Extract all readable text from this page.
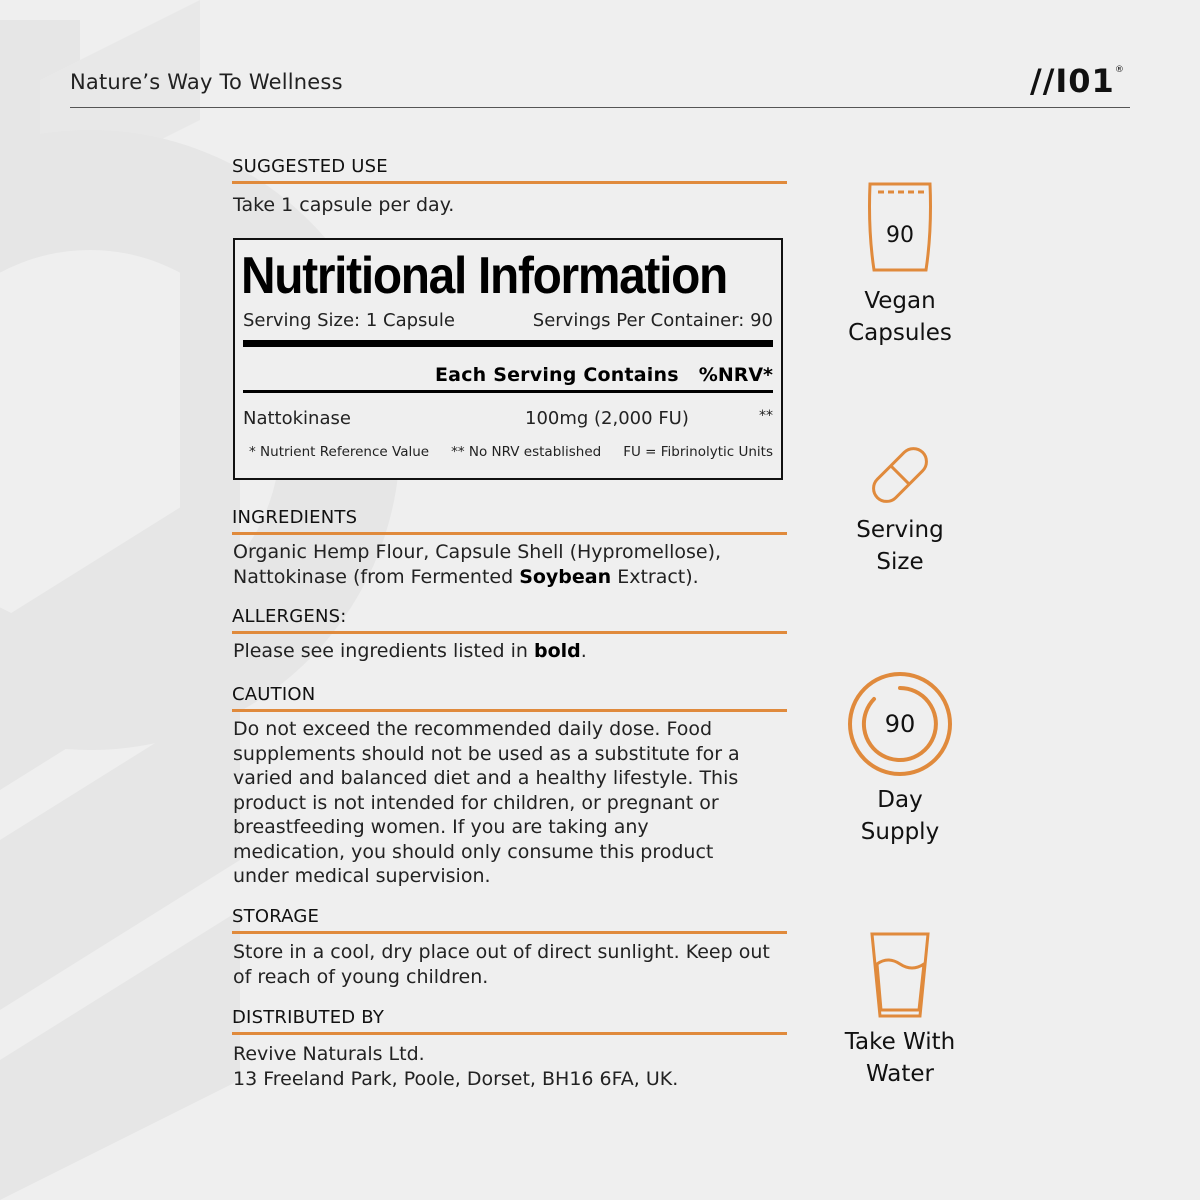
Nature’s Way To Wellness	//I01®
SUGGESTED USE
Take 1 capsule per day.
Nutritional Information
Serving Size: 1 Capsule	Servings Per Container: 90
Each Serving Contains %NRV*
Nattokinase	100mg (2,000 FU)	**
* Nutrient Reference Value ** No NRV established FU = Fibrinolytic Units
INGREDIENTS
Organic Hemp Flour, Capsule Shell (Hypromellose),
Nattokinase (from Fermented Soybean Extract).
ALLERGENS:
Please see ingredients listed in bold.
CAUTION
Do not exceed the recommended daily dose. Food
supplements should not be used as a substitute for a
varied and balanced diet and a healthy lifestyle. This
product is not intended for children, or pregnant or
breastfeeding women. If you are taking any
medication, you should only consume this product
under medical supervision.
STORAGE
Store in a cool, dry place out of direct sunlight. Keep out
of reach of young children.
DISTRIBUTED BY
Revive Naturals Ltd.
13 Freeland Park, Poole, Dorset, BH16 6FA, UK.
90
Vegan
Capsules
Serving
Size
90
Day
Supply
Take With
Water
